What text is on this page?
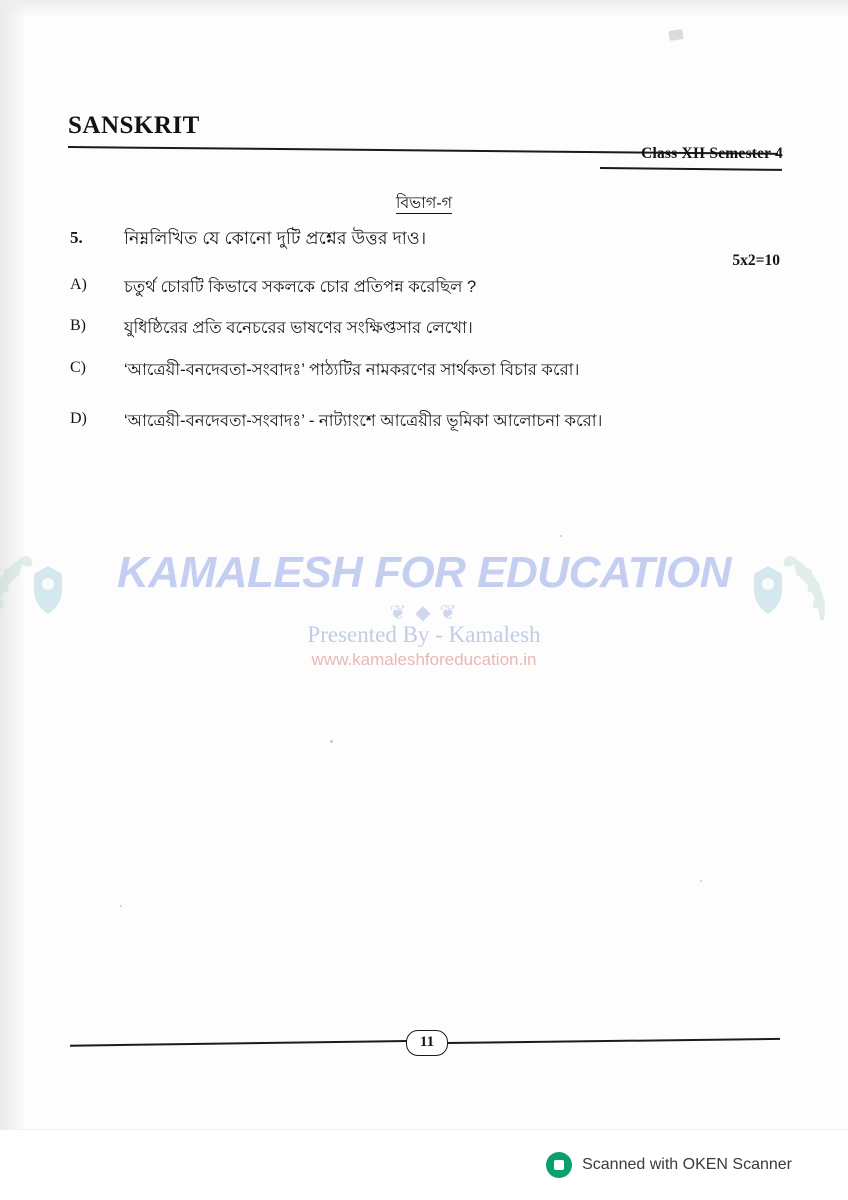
SANSKRIT
Class XII Semester 4
বিভাগ-গ
5. নিম্নলিখিত যে কোনো দুটি প্রশ্নের উত্তর দাও।
5x2=10
A)	চতুর্থ চোরটি কিভাবে সকলকে চোর প্রতিপন্ন করেছিল ?
B)	যুধিষ্ঠিরের প্রতি বনেচরের ভাষণের সংক্ষিপ্তসার লেখো।
C)	‘আত্রেয়ী-বনদেবতা-সংবাদঃ’ পাঠ্যটির নামকরণের সার্থকতা বিচার করো।
D)	‘আত্রেয়ী-বনদেবতা-সংবাদঃ’ - নাট্যাংশে আত্রেয়ীর ভূমিকা আলোচনা করো।
KAMALESH FOR EDUCATION
❦ ◆ ❦
Presented By - Kamalesh
www.kamaleshforeducation.in
11
Scanned with OKEN Scanner
